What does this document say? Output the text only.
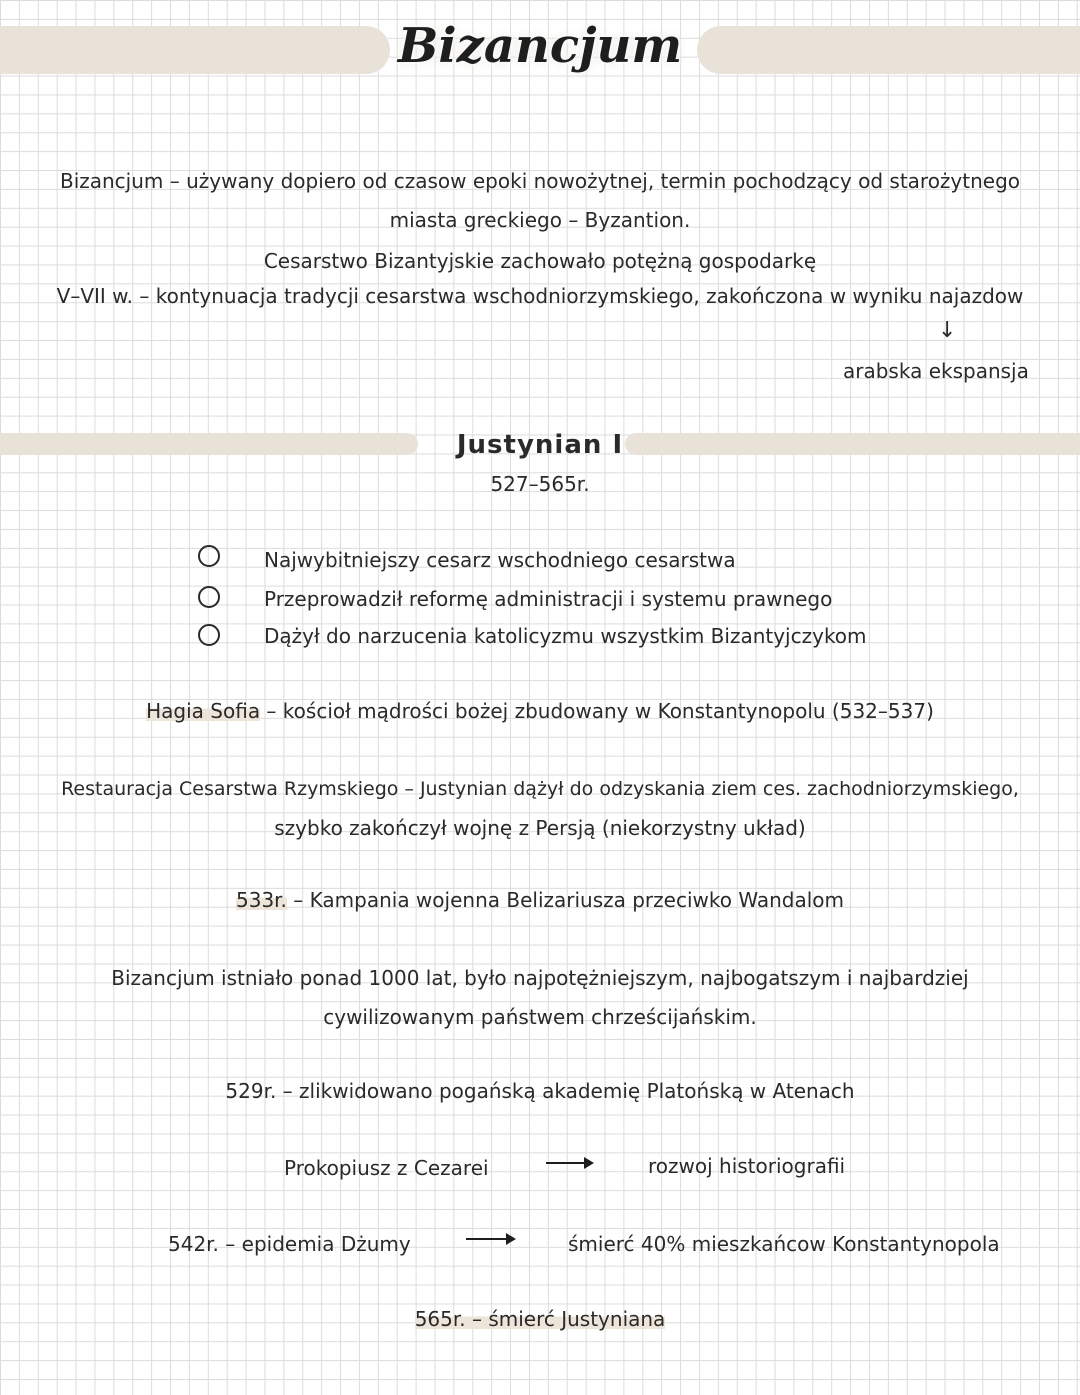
Bizancjum
Bizancjum – używany dopiero od czasow epoki nowożytnej, termin pochodzący od starożytnego
miasta greckiego – Byzantion.
Cesarstwo Bizantyjskie zachowało potężną gospodarkę
V–VII w. – kontynuacja tradycji cesarstwa wschodniorzymskiego, zakończona w wyniku najazdow
↓
arabska ekspansja
Justynian I
527–565r.
Najwybitniejszy cesarz wschodniego cesarstwa
Przeprowadził reformę administracji i systemu prawnego
Dążył do narzucenia katolicyzmu wszystkim Bizantyjczykom
Hagia Sofia – kościoł mądrości bożej zbudowany w Konstantynopolu (532–537)
Restauracja Cesarstwa Rzymskiego – Justynian dążył do odzyskania ziem ces. zachodniorzymskiego,
szybko zakończył wojnę z Persją (niekorzystny układ)
533r. – Kampania wojenna Belizariusza przeciwko Wandalom
Bizancjum istniało ponad 1000 lat, było najpotężniejszym, najbogatszym i najbardziej
cywilizowanym państwem chrześcijańskim.
529r. – zlikwidowano pogańską akademię Platońską w Atenach
Prokopiusz z Cezarei	rozwoj historiografii
542r. – epidemia Dżumy	śmierć 40% mieszkańcow Konstantynopola
565r. – śmierć Justyniana
